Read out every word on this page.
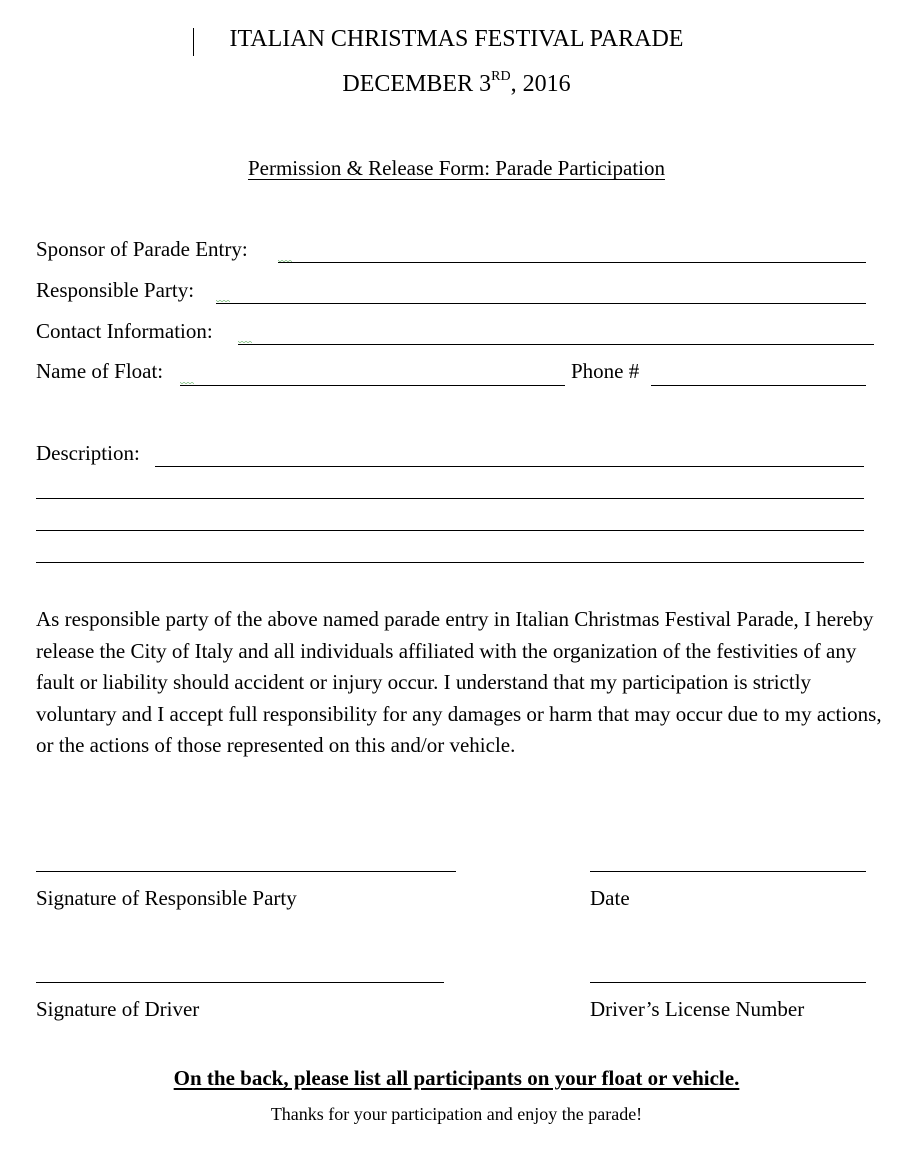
ITALIAN CHRISTMAS FESTIVAL PARADE
DECEMBER 3RD, 2016
Permission & Release Form: Parade Participation
Sponsor of Parade Entry:
Responsible Party:
Contact Information:
Name of Float:	Phone #
Description:
As responsible party of the above named parade entry in Italian Christmas Festival Parade, I hereby release the City of Italy and all individuals affiliated with the organization of the festivities of any fault or liability should accident or injury occur. I understand that my participation is strictly voluntary and I accept full responsibility for any damages or harm that may occur due to my actions, or the actions of those represented on this and/or vehicle.
Signature of Responsible Party	Date
Signature of Driver	Driver’s License Number
On the back, please list all participants on your float or vehicle.
Thanks for your participation and enjoy the parade!
